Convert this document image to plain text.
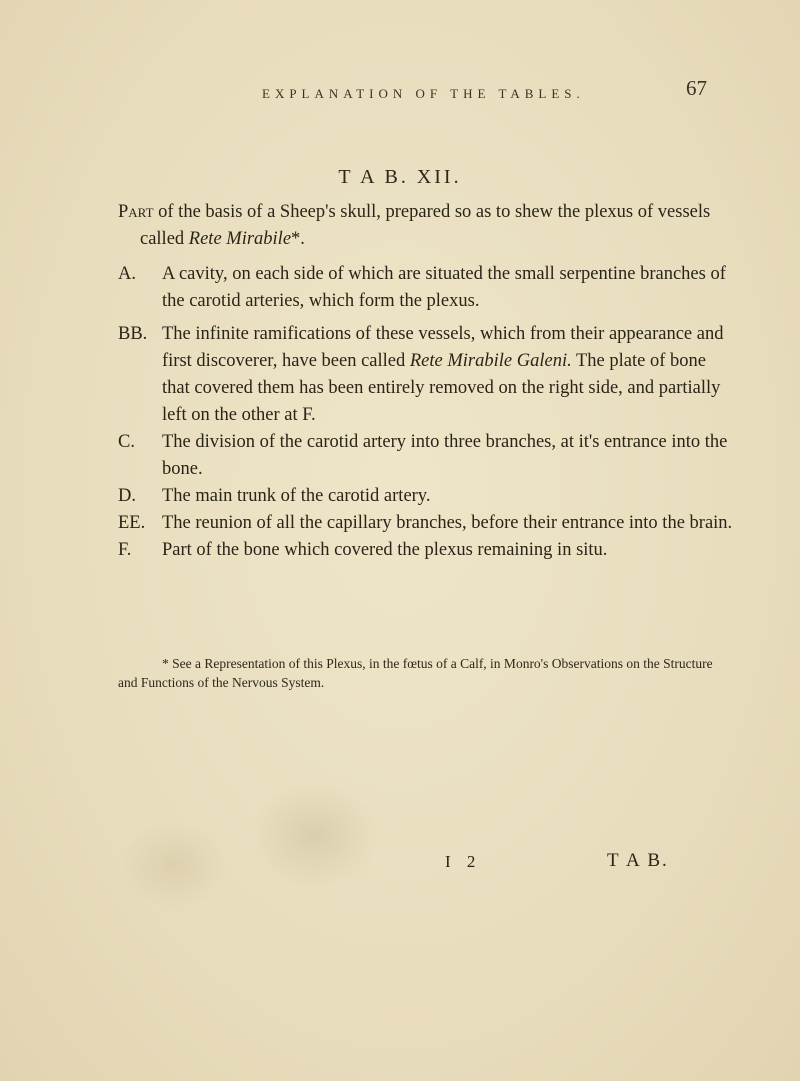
EXPLANATION OF THE TABLES.	67
T A B. XII.

Part of the basis of a Sheep's skull, prepared so as to shew the plexus of vessels called Rete Mirabile*.

A.	A cavity, on each side of which are situated the small serpentine branches of the carotid arteries, which form the plexus.
BB. The infinite ramifications of these vessels, which from their appearance and first discoverer, have been called Rete Mirabile Galeni. The plate of bone that covered them has been entirely removed on the right side, and partially left on the other at F.
C.	The division of the carotid artery into three branches, at it's entrance into the bone.
D.	The main trunk of the carotid artery.
EE. The reunion of all the capillary branches, before their entrance into the brain.
F.	Part of the bone which covered the plexus remaining in situ.

* See a Representation of this Plexus, in the fœtus of a Calf, in Monro's Observations on the Structure and Functions of the Nervous System.

I 2	T A B.
